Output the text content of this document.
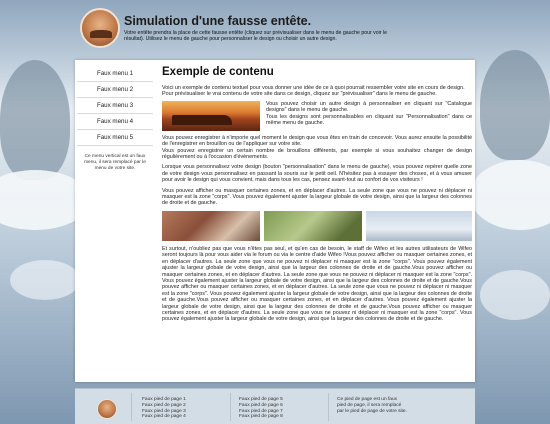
Simulation d'une fausse entête.
Votre entête prendra la place de cette fausse entête (cliquez sur prévisualiser dans le menu de gauche pour voir le résultat). Utilisez le menu de gauche pour personnaliser le design ou choisir un autre design.
Faux menu 1
Faux menu 2
Faux menu 3
Faux menu 4
Faux menu 5
Ce menu vertical est un faux menu, il sera remplacé par le menu de votre site.
Exemple de contenu

Voici un exemple de contenu textuel pour vous donner une idée de ce à quoi pourrait ressembler votre site en cours de design.

Pour prévisualiser le vrai contenu de votre site dans ce design, cliquez sur "prévisualiser" dans le menu de gauche.

Vous pouvez choisir un autre design à personnaliser en cliquant sur "Catalogue designs" dans le menu de gauche.

Tous les designs sont personnalisables en cliquant sur "Personnalisation" dans ce même menu de gauche.

Vous pouvez enregistrer à n'importe quel moment le design que vous êtes en train de concevoir. Vous aurez ensuite la possibilité de l'enregistrer en brouillon ou de l'appliquer sur votre site.

Vous pouvez enregistrer un certain nombre de brouillons différents, par exemple si vous souhaitez changer de design régulièrement ou à l'occasion d'évènements.

Lorsque vous personnalisez votre design (bouton "personnalisation" dans le menu de gauche), vous pouvez repérer quelle zone de votre design vous personnalisez en passant la souris sur le petit oeil. N'hésitez pas à essayer des choses, et à vous amuser pour avoir le design qui vous convient, mais dans tous les cas, pensez avant-tout au confort de vos visiteurs !

Vous pouvez afficher ou masquer certaines zones, et en déplacer d'autres. La seule zone que vous ne pouvez ni déplacer ni masquer est la zone "corps". Vous pouvez également ajuster la largeur globale de votre design, ainsi que la largeur des colonnes de droite et de gauche.

Et surtout, n'oubliez pas que vous n'êtes pas seul, et qu'en cas de besoin, le staff de Wifeo et les autres utilisateurs de Wifeo seront toujours là pour vous aider via le forum ou via le centre d'aide Wifeo !Vous pouvez afficher ou masquer certaines zones, et en déplacer d'autres. La seule zone que vous ne pouvez ni déplacer ni masquer est la zone "corps". Vous pouvez également ajuster la largeur globale de votre design, ainsi que la largeur des colonnes de droite et de gauche.Vous pouvez afficher ou masquer certaines zones, et en déplacer d'autres. La seule zone que vous ne pouvez ni déplacer ni masquer est la zone "corps". Vous pouvez également ajuster la largeur globale de votre design, ainsi que la largeur des colonnes de droite et de gauche.Vous pouvez afficher ou masquer certaines zones, et en déplacer d'autres. La seule zone que vous ne pouvez ni déplacer ni masquer est la zone "corps". Vous pouvez également ajuster la largeur globale de votre design, ainsi que la largeur des colonnes de droite et de gauche.Vous pouvez afficher ou masquer certaines zones, et en déplacer d'autres. Vous pouvez également ajuster la largeur globale de votre design, ainsi que la largeur des colonnes de droite et de gauche.Vous pouvez afficher ou masquer certaines zones, et en déplacer d'autres. La seule zone que vous ne pouvez ni déplacer ni masquer est la zone "corps". Vous pouvez également ajuster la largeur globale de votre design, ainsi que la largeur des colonnes de droite et de gauche.

Faux pied de page 1
Faux pied de page 2
Faux pied de page 3
Faux pied de page 4
Faux pied de page 5
Faux pied de page 6
Faux pied de page 7
Faux pied de page 8
Ce pied de page est un faux pied de page, il sera remplacé par le pied de page de votre site.
